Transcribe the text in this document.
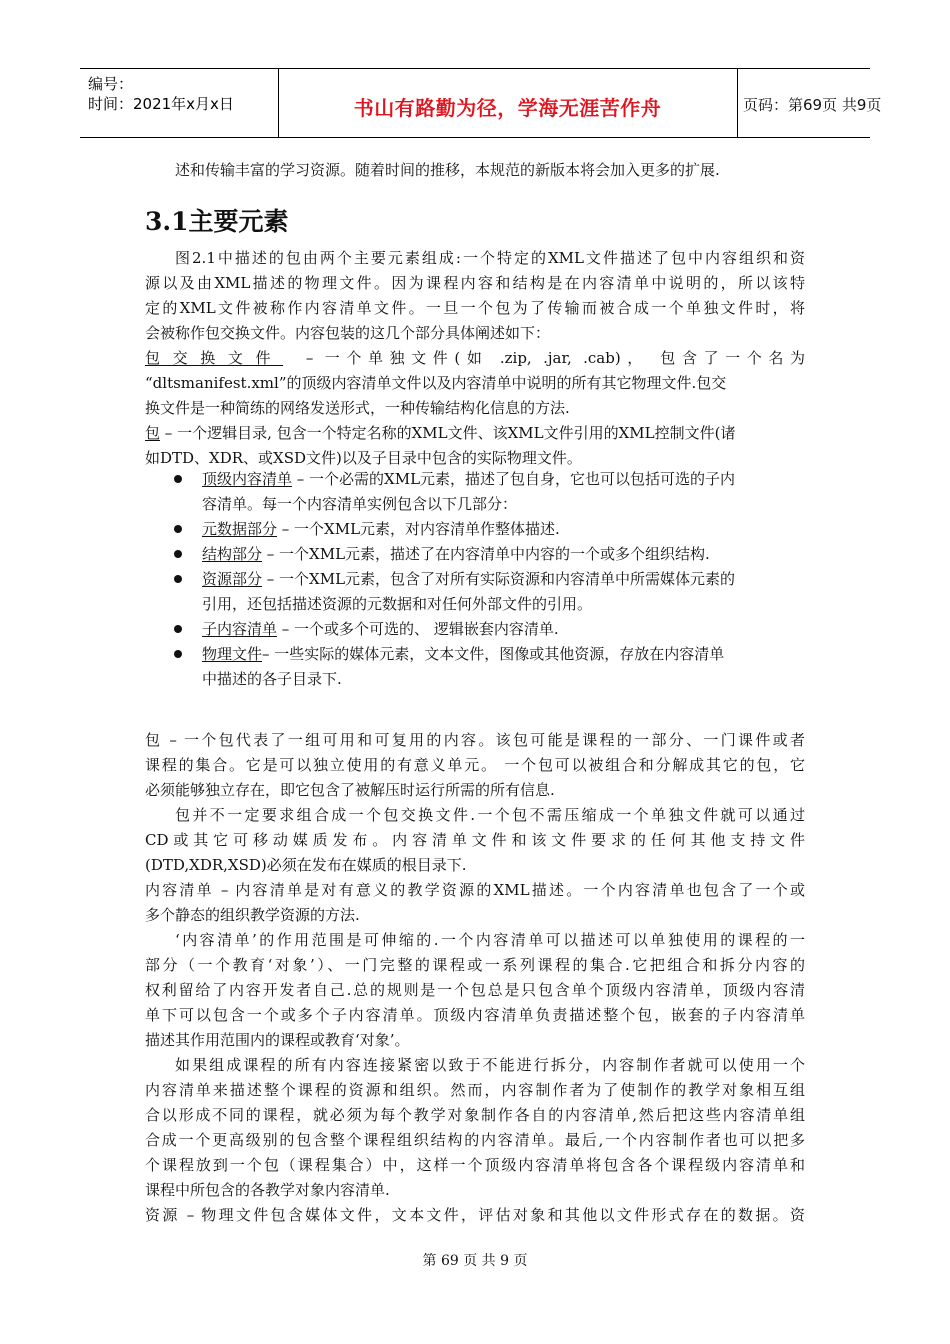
编号：
时间：2021年x月x日	书山有路勤为径，学海无涯苦作舟	页码：第69页 共9页
述和传输丰富的学习资源。随着时间的推移，本规范的新版本将会加入更多的扩展.
3.1主要元素
图2.1中描述的包由两个主要元素组成:一个特定的XML文件描述了包中内容组织和资
源以及由XML描述的物理文件。因为课程内容和结构是在内容清单中说明的，所以该特
定的XML文件被称作内容清单文件。一旦一个包为了传输而被合成一个单独文件时，将
会被称作包交换文件。内容包装的这几个部分具体阐述如下：
包交换文件 – 一个单独文件(如 .zip, .jar, .cab)， 包含了一个名为
“dltsmanifest.xml”的顶级内容清单文件以及内容清单中说明的所有其它物理文件.包交
换文件是一种简练的网络发送形式，一种传输结构化信息的方法.
包 – 一个逻辑目录, 包含一个特定名称的XML文件、该XML文件引用的XML控制文件(诸
如DTD、XDR、或XSD文件)以及子目录中包含的实际物理文件。
顶级内容清单 – 一个必需的XML元素，描述了包自身，它也可以包括可选的子内
容清单。每一个内容清单实例包含以下几部分：
元数据部分 – 一个XML元素，对内容清单作整体描述.
结构部分 – 一个XML元素，描述了在内容清单中内容的一个或多个组织结构.
资源部分 – 一个XML元素，包含了对所有实际资源和内容清单中所需媒体元素的
引用，还包括描述资源的元数据和对任何外部文件的引用。
子内容清单 – 一个或多个可选的、 逻辑嵌套内容清单.
物理文件– 一些实际的媒体元素，文本文件，图像或其他资源，存放在内容清单
中描述的各子目录下.
包 – 一个包代表了一组可用和可复用的内容。该包可能是课程的一部分、一门课件或者
课程的集合。它是可以独立使用的有意义单元。 一个包可以被组合和分解成其它的包，它
必须能够独立存在，即它包含了被解压时运行所需的所有信息.
包并不一定要求组合成一个包交换文件.一个包不需压缩成一个单独文件就可以通过
CD或其它可移动媒质发布。内容清单文件和该文件要求的任何其他支持文件
(DTD,XDR,XSD)必须在发布在媒质的根目录下.
内容清单 – 内容清单是对有意义的教学资源的XML描述。一个内容清单也包含了一个或
多个静态的组织教学资源的方法.
‘内容清单’的作用范围是可伸缩的.一个内容清单可以描述可以单独使用的课程的一
部分（一个教育‘对象’）、一门完整的课程或一系列课程的集合.它把组合和拆分内容的
权利留给了内容开发者自己.总的规则是一个包总是只包含单个顶级内容清单，顶级内容清
单下可以包含一个或多个子内容清单。顶级内容清单负责描述整个包，嵌套的子内容清单
描述其作用范围内的课程或教育‘对象’。
如果组成课程的所有内容连接紧密以致于不能进行拆分，内容制作者就可以使用一个
内容清单来描述整个课程的资源和组织。然而，内容制作者为了使制作的教学对象相互组
合以形成不同的课程，就必须为每个教学对象制作各自的内容清单,然后把这些内容清单组
合成一个更高级别的包含整个课程组织结构的内容清单。最后,一个内容制作者也可以把多
个课程放到一个包（课程集合）中，这样一个顶级内容清单将包含各个课程级内容清单和
课程中所包含的各教学对象内容清单.
资源 – 物理文件包含媒体文件，文本文件，评估对象和其他以文件形式存在的数据。资
第 69 页 共 9 页
